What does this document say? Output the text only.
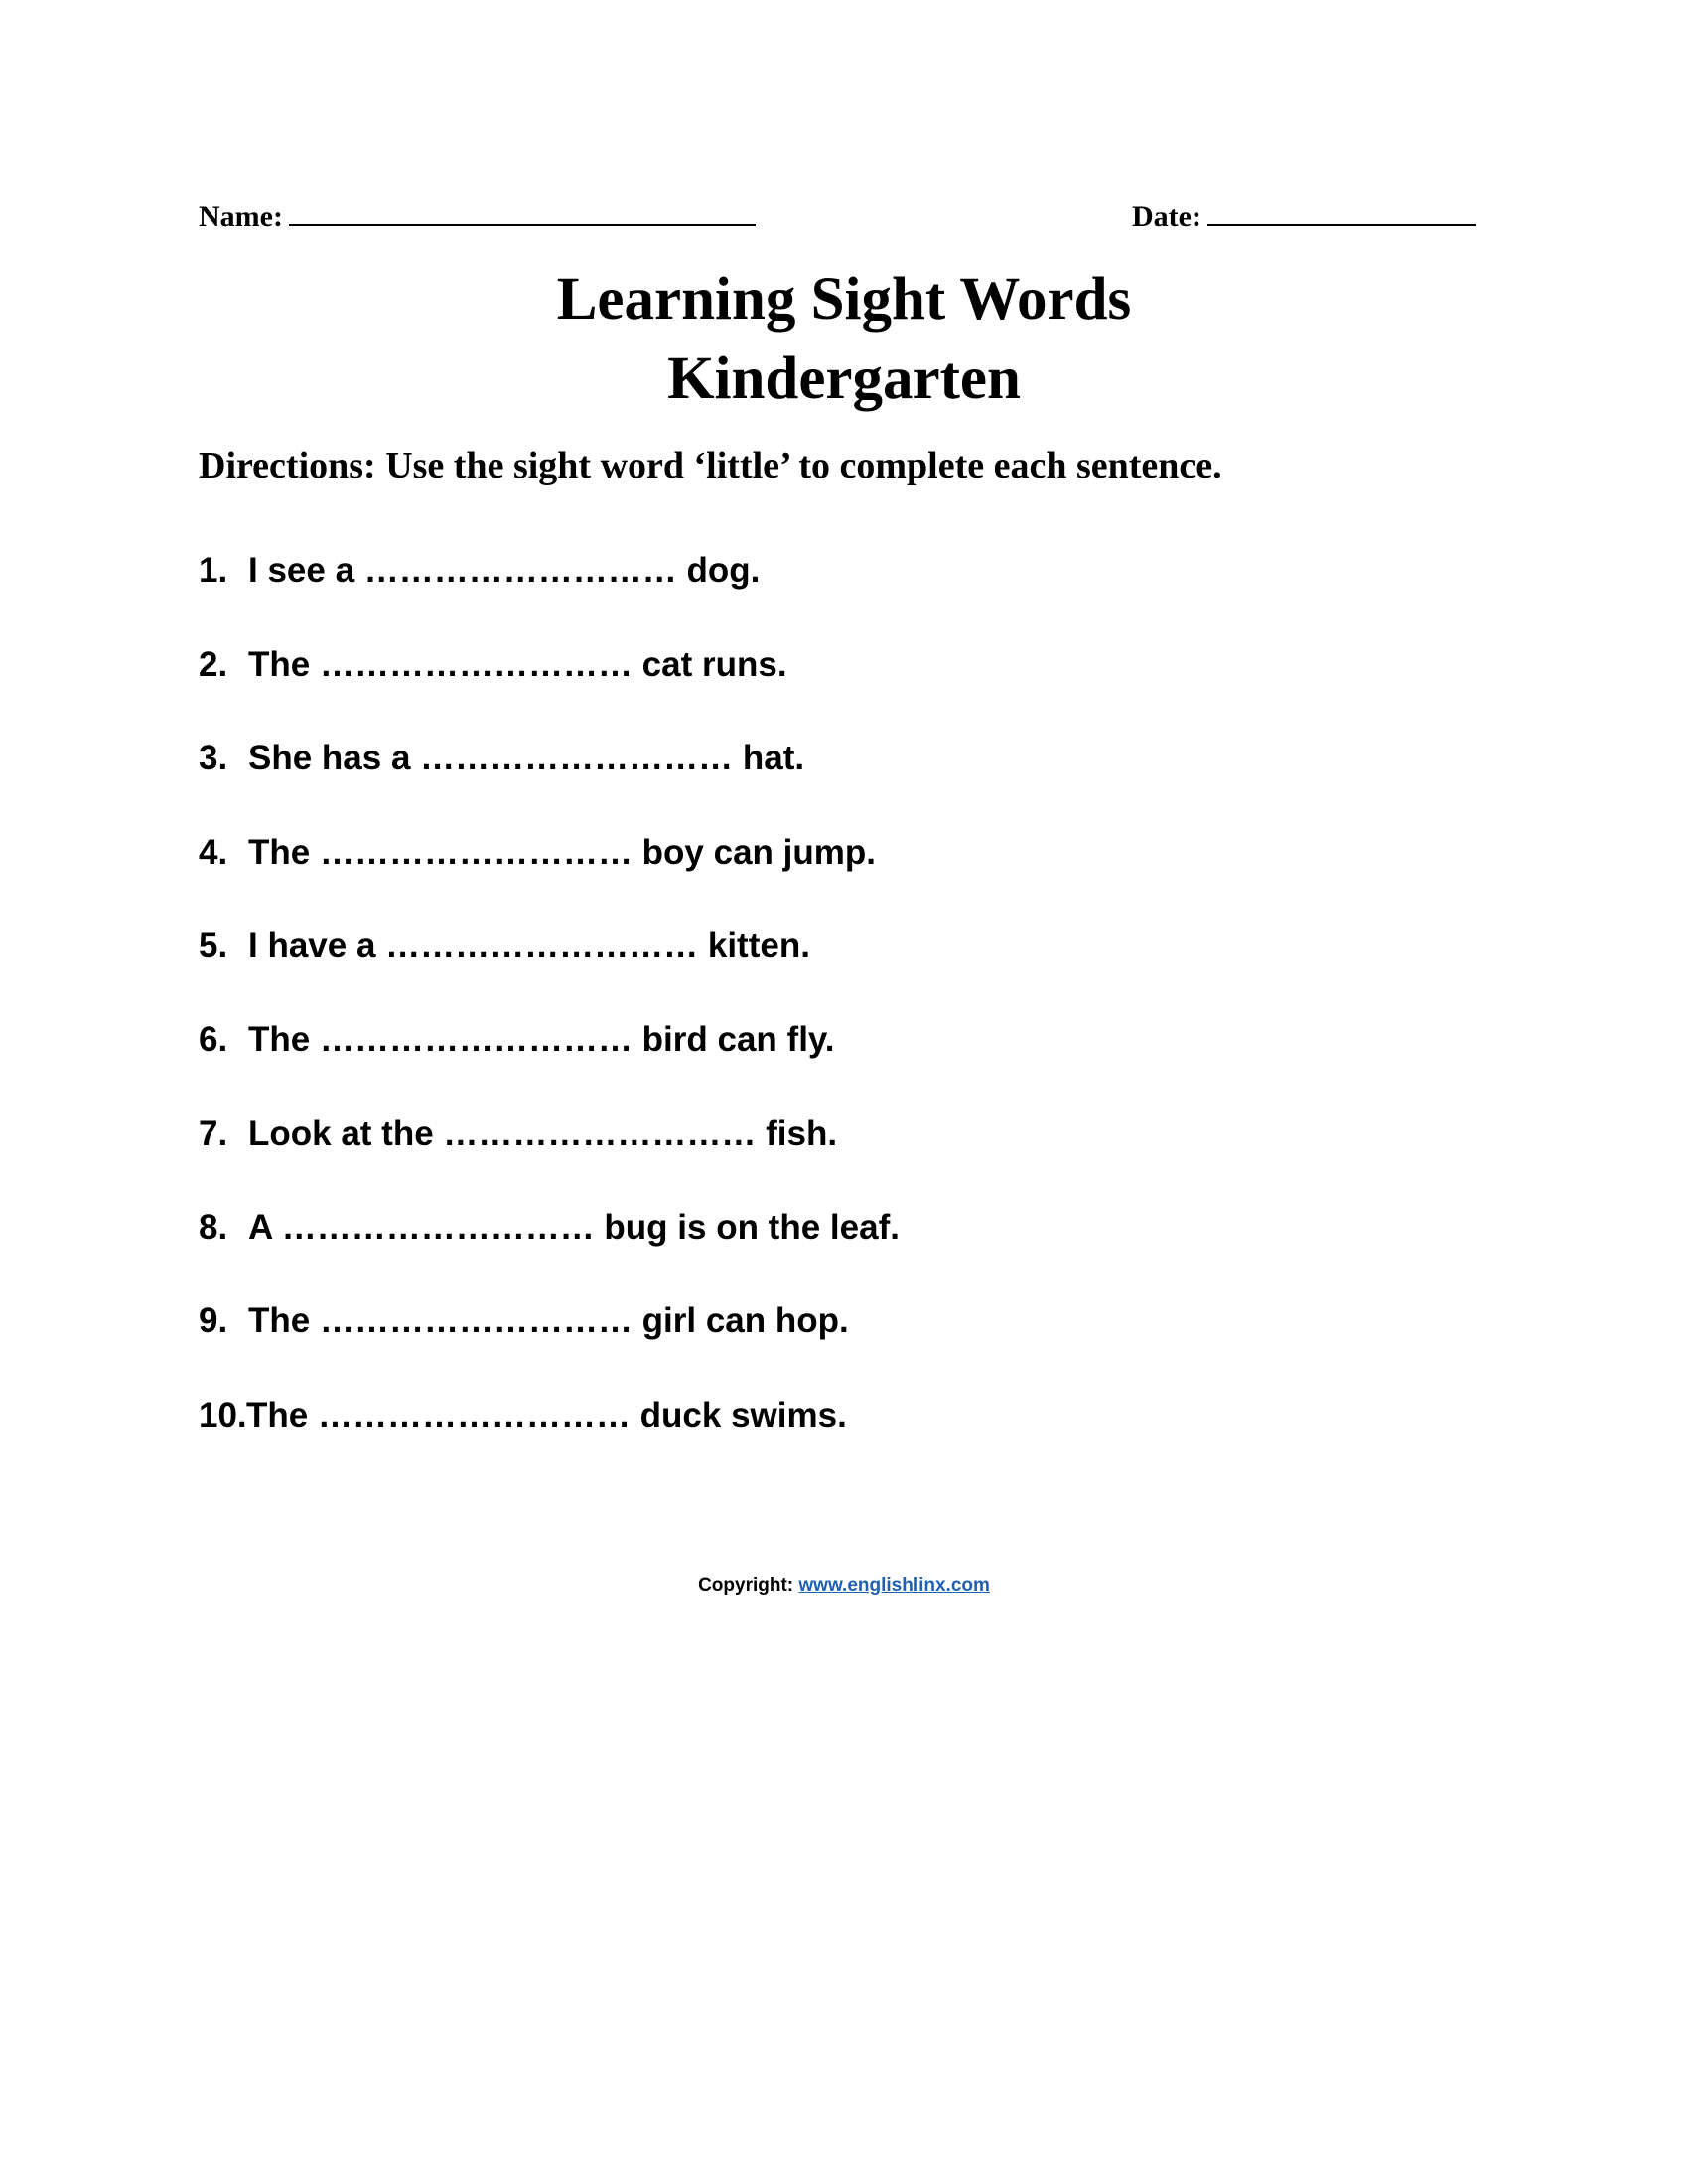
Name:	Date:
Learning Sight Words
Kindergarten
Directions: Use the sight word ‘little’ to complete each sentence.
1. I see a ……………………… dog.
2. The ……………………… cat runs.
3. She has a ……………………… hat.
4. The ……………………… boy can jump.
5. I have a ……………………… kitten.
6. The ……………………… bird can fly.
7. Look at the ……………………… fish.
8. A ……………………… bug is on the leaf.
9. The ……………………… girl can hop.
10.The ……………………… duck swims.
Copyright: www.englishlinx.com
